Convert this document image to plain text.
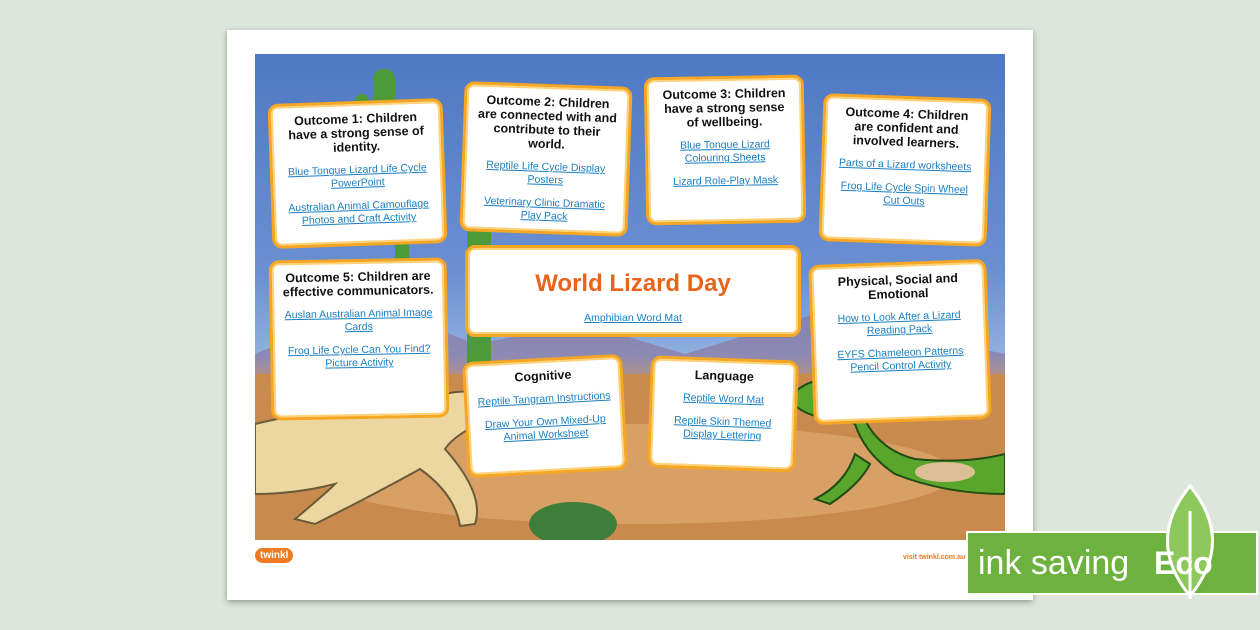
Outcome 1: Children have a strong sense of identity.
Blue Tongue Lizard Life Cycle PowerPoint
Australian Animal Camouflage Photos and Craft Activity
Outcome 2: Children are connected with and contribute to their world.
Reptile Life Cycle Display Posters
Veterinary Clinic Dramatic Play Pack
Outcome 3: Children have a strong sense of wellbeing.
Blue Tongue Lizard Colouring Sheets
Lizard Role-Play Mask
Outcome 4: Children are confident and involved learners.
Parts of a Lizard worksheets
Frog Life Cycle Spin Wheel Cut Outs
World Lizard Day
Amphibian Word Mat
Outcome 5: Children are effective communicators.
Auslan Australian Animal Image Cards
Frog Life Cycle Can You Find? Picture Activity
Physical, Social and Emotional
How to Look After a Lizard Reading Pack
EYFS Chameleon Patterns Pencil Control Activity
Cognitive
Reptile Tangram Instructions
Draw Your Own Mixed-Up Animal Worksheet
Language
Reptile Word Mat
Reptile Skin Themed Display Lettering
twinkl	visit twinkl.com.au ink saving Eco
